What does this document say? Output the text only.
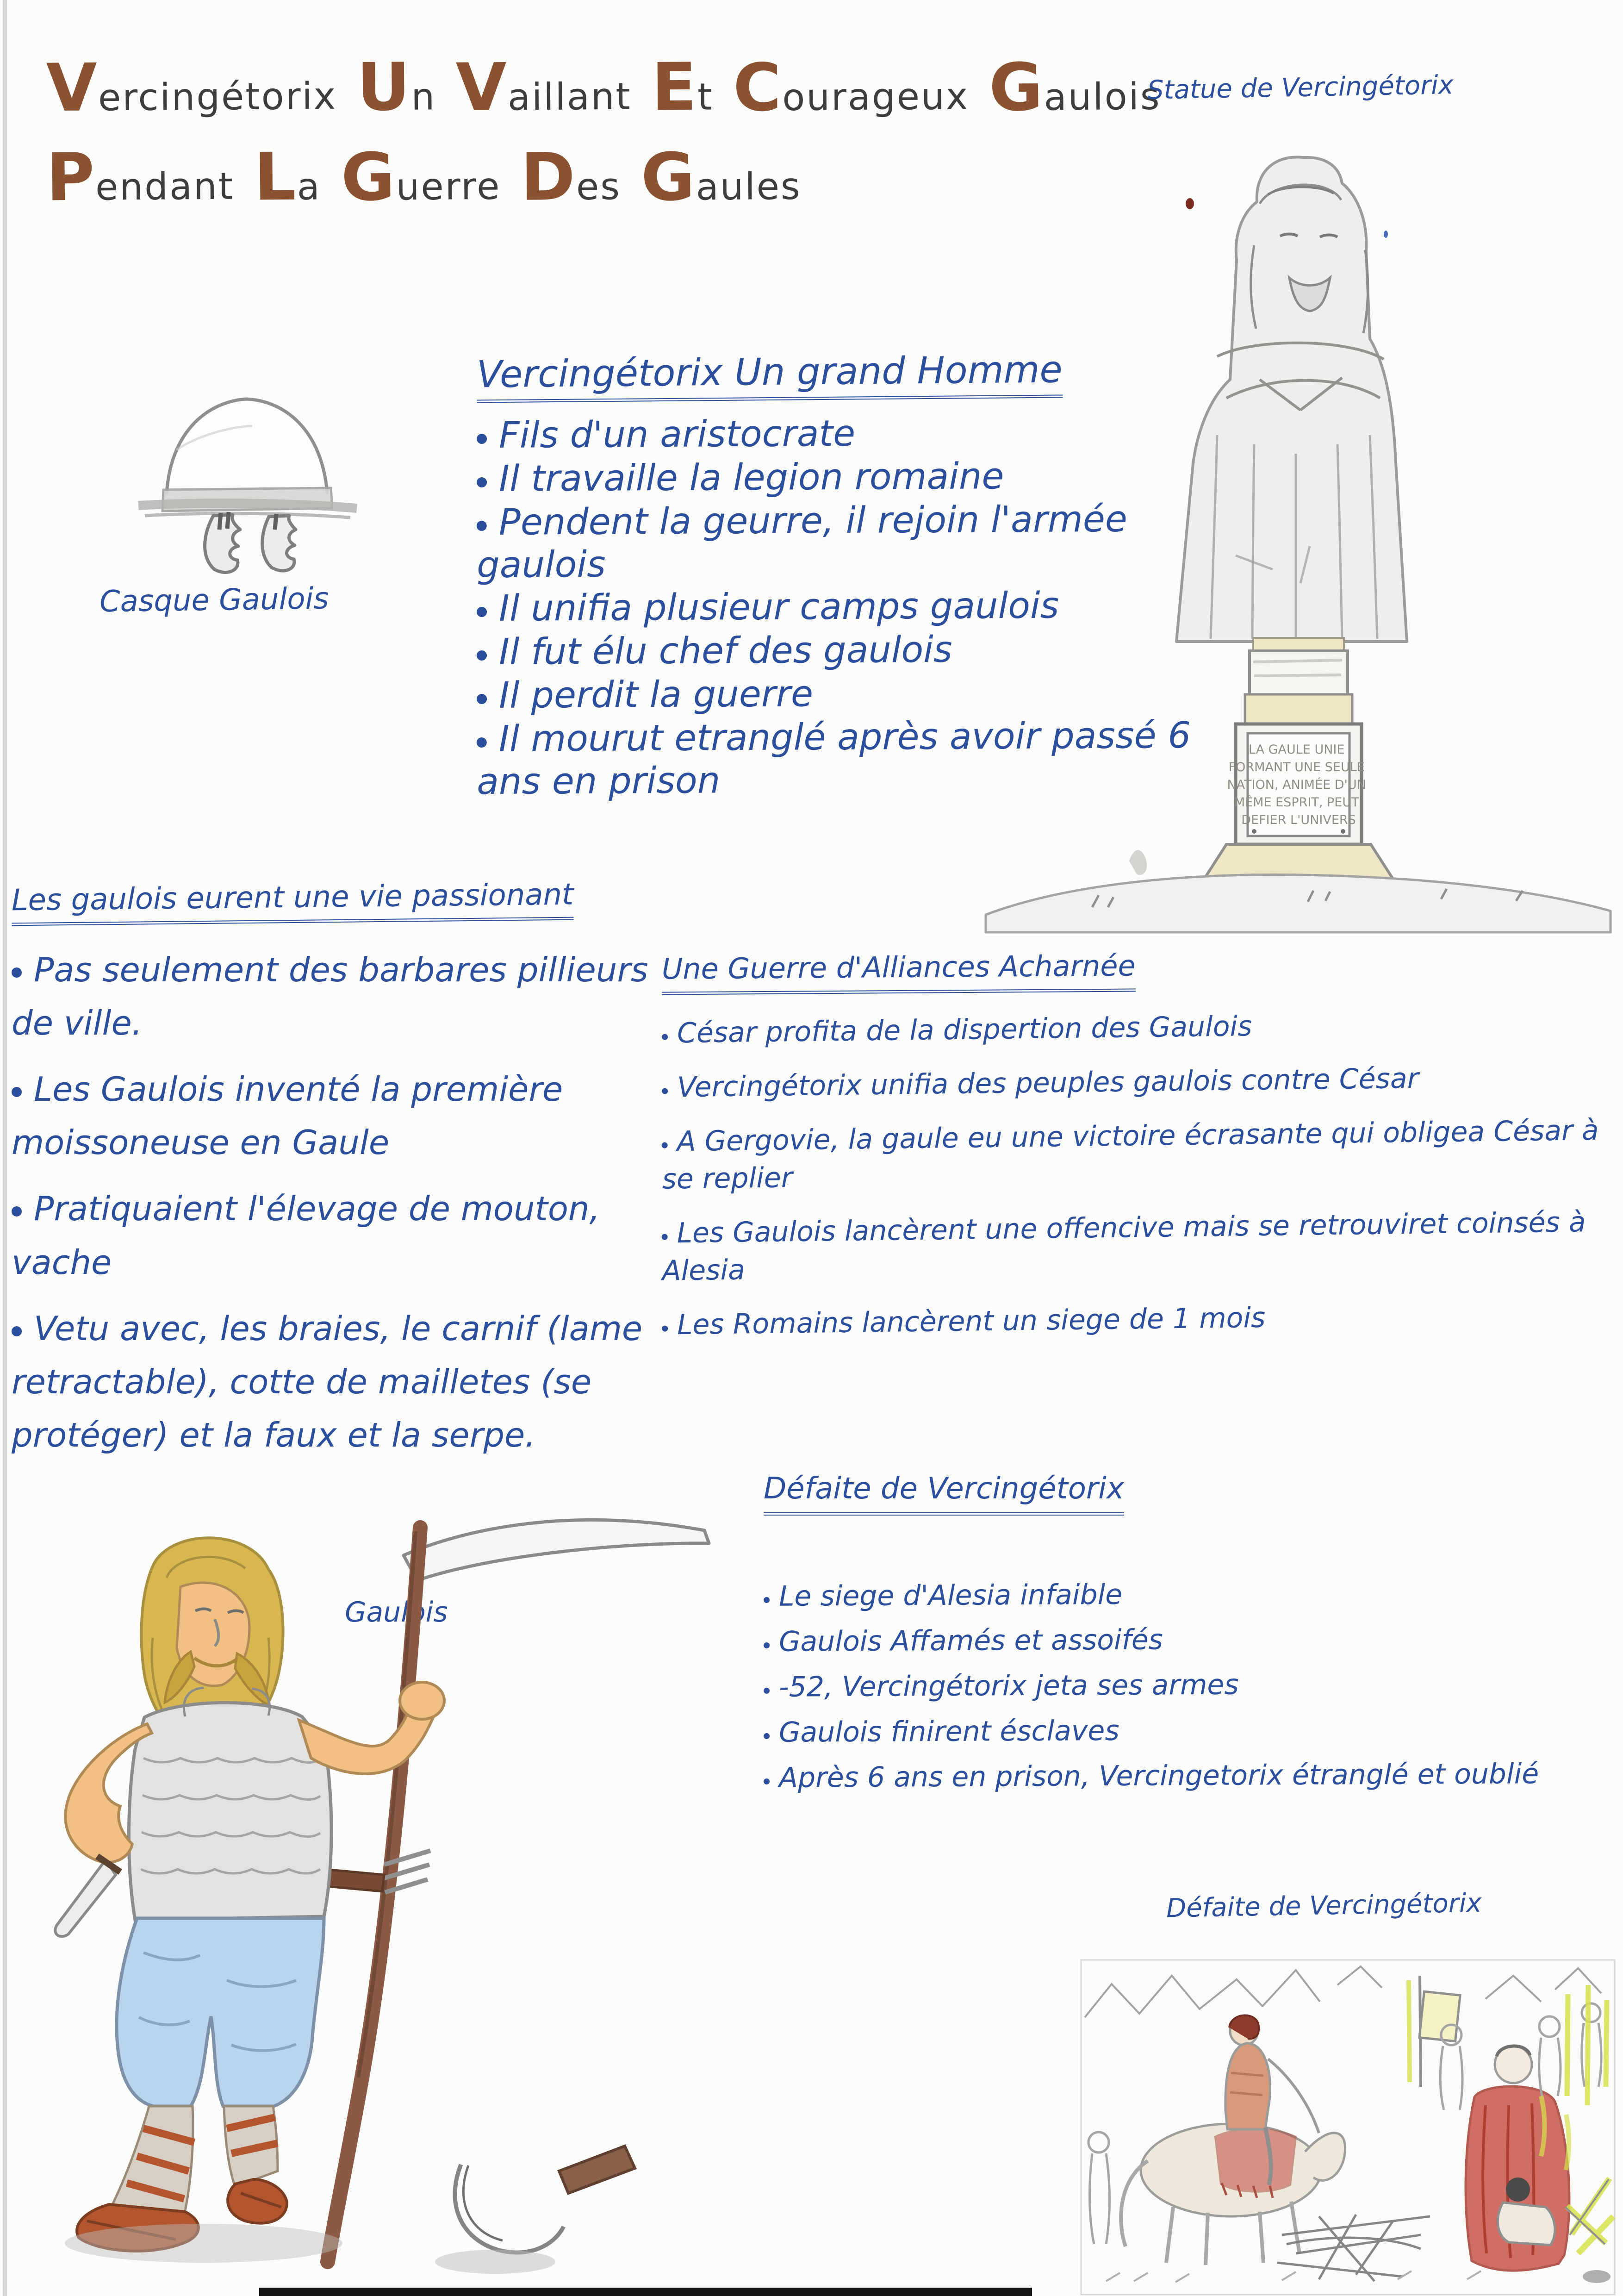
Vercingétorix Un Vaillant Et Courageux Gaulois
Pendant La Guerre Des Gaules
Statue de Vercingétorix
Casque Gaulois
Gaulois
Défaite de Vercingétorix
Vercingétorix Un grand Homme
Fils d'un aristocrate
Il travaille la legion romaine
Pendent la geurre, il rejoin l'armée gaulois
Il unifia plusieur camps gaulois
Il fut élu chef des gaulois
Il perdit la guerre
Il mourut etranglé après avoir passé 6 ans en prison
Les gaulois eurent une vie passionant
Pas seulement des barbares pillieurs de ville.
Les Gaulois inventé la première moissoneuse en Gaule
Pratiquaient l'élevage de mouton, vache
Vetu avec, les braies, le carnif (lame retractable), cotte de mailletes (se protéger) et la faux et la serpe.
Une Guerre d'Alliances Acharnée
César profita de la dispertion des Gaulois
Vercingétorix unifia des peuples gaulois contre César
A Gergovie, la gaule eu une victoire écrasante qui obligea César à se replier
Les Gaulois lancèrent une offencive mais se retrouviret coinsés à Alesia
Les Romains lancèrent un siege de 1 mois
Défaite de Vercingétorix
Le siege d'Alesia infaible
Gaulois Affamés et assoifés
-52, Vercingétorix jeta ses armes
Gaulois finirent ésclaves
Après 6 ans en prison, Vercingetorix étranglé et oublié
LA GAULE UNIE FORMANT UNE SEULE NATION, ANIMÉE D'UN MÊME ESPRIT, PEUT DEFIER L'UNIVERS
